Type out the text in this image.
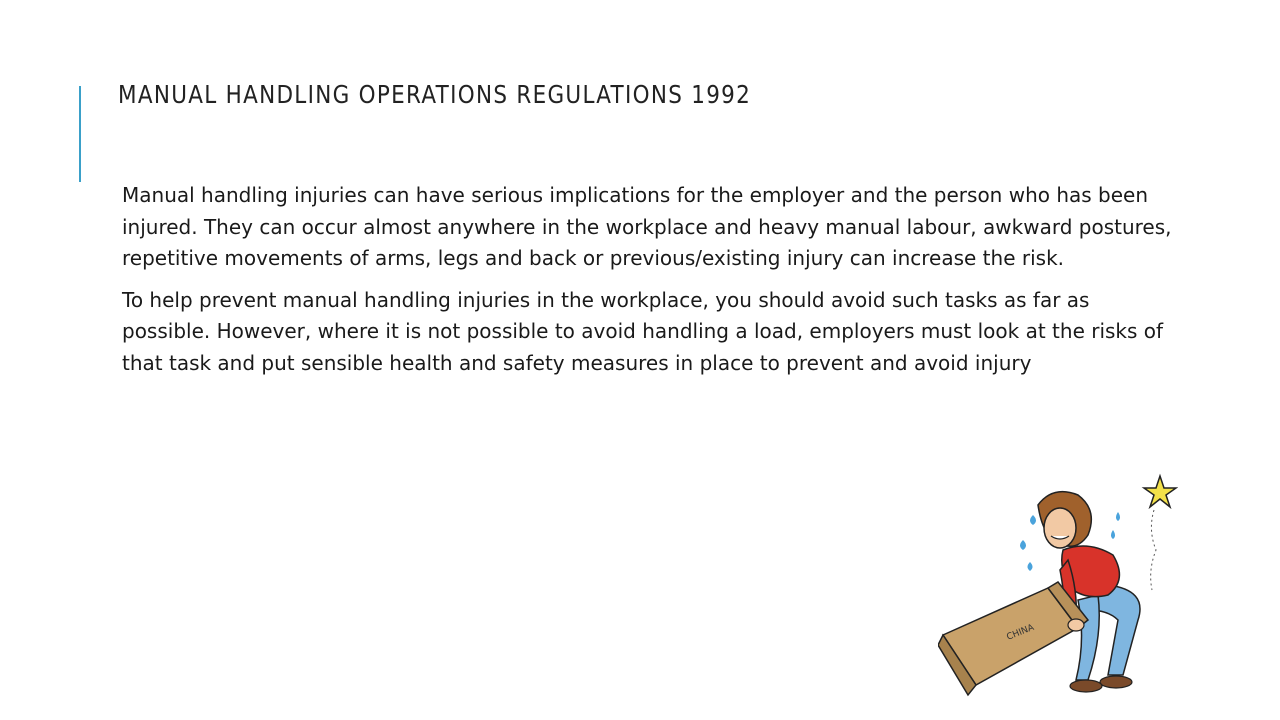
MANUAL HANDLING OPERATIONS REGULATIONS 1992

Manual handling injuries can have serious implications for the employer and the person who has been injured. They can occur almost anywhere in the workplace and heavy manual labour, awkward postures, repetitive movements of arms, legs and back or previous/existing injury can increase the risk.

To help prevent manual handling injuries in the workplace, you should avoid such tasks as far as possible. However, where it is not possible to avoid handling a load, employers must look at the risks of that task and put sensible health and safety measures in place to prevent and avoid injury

CHINA
